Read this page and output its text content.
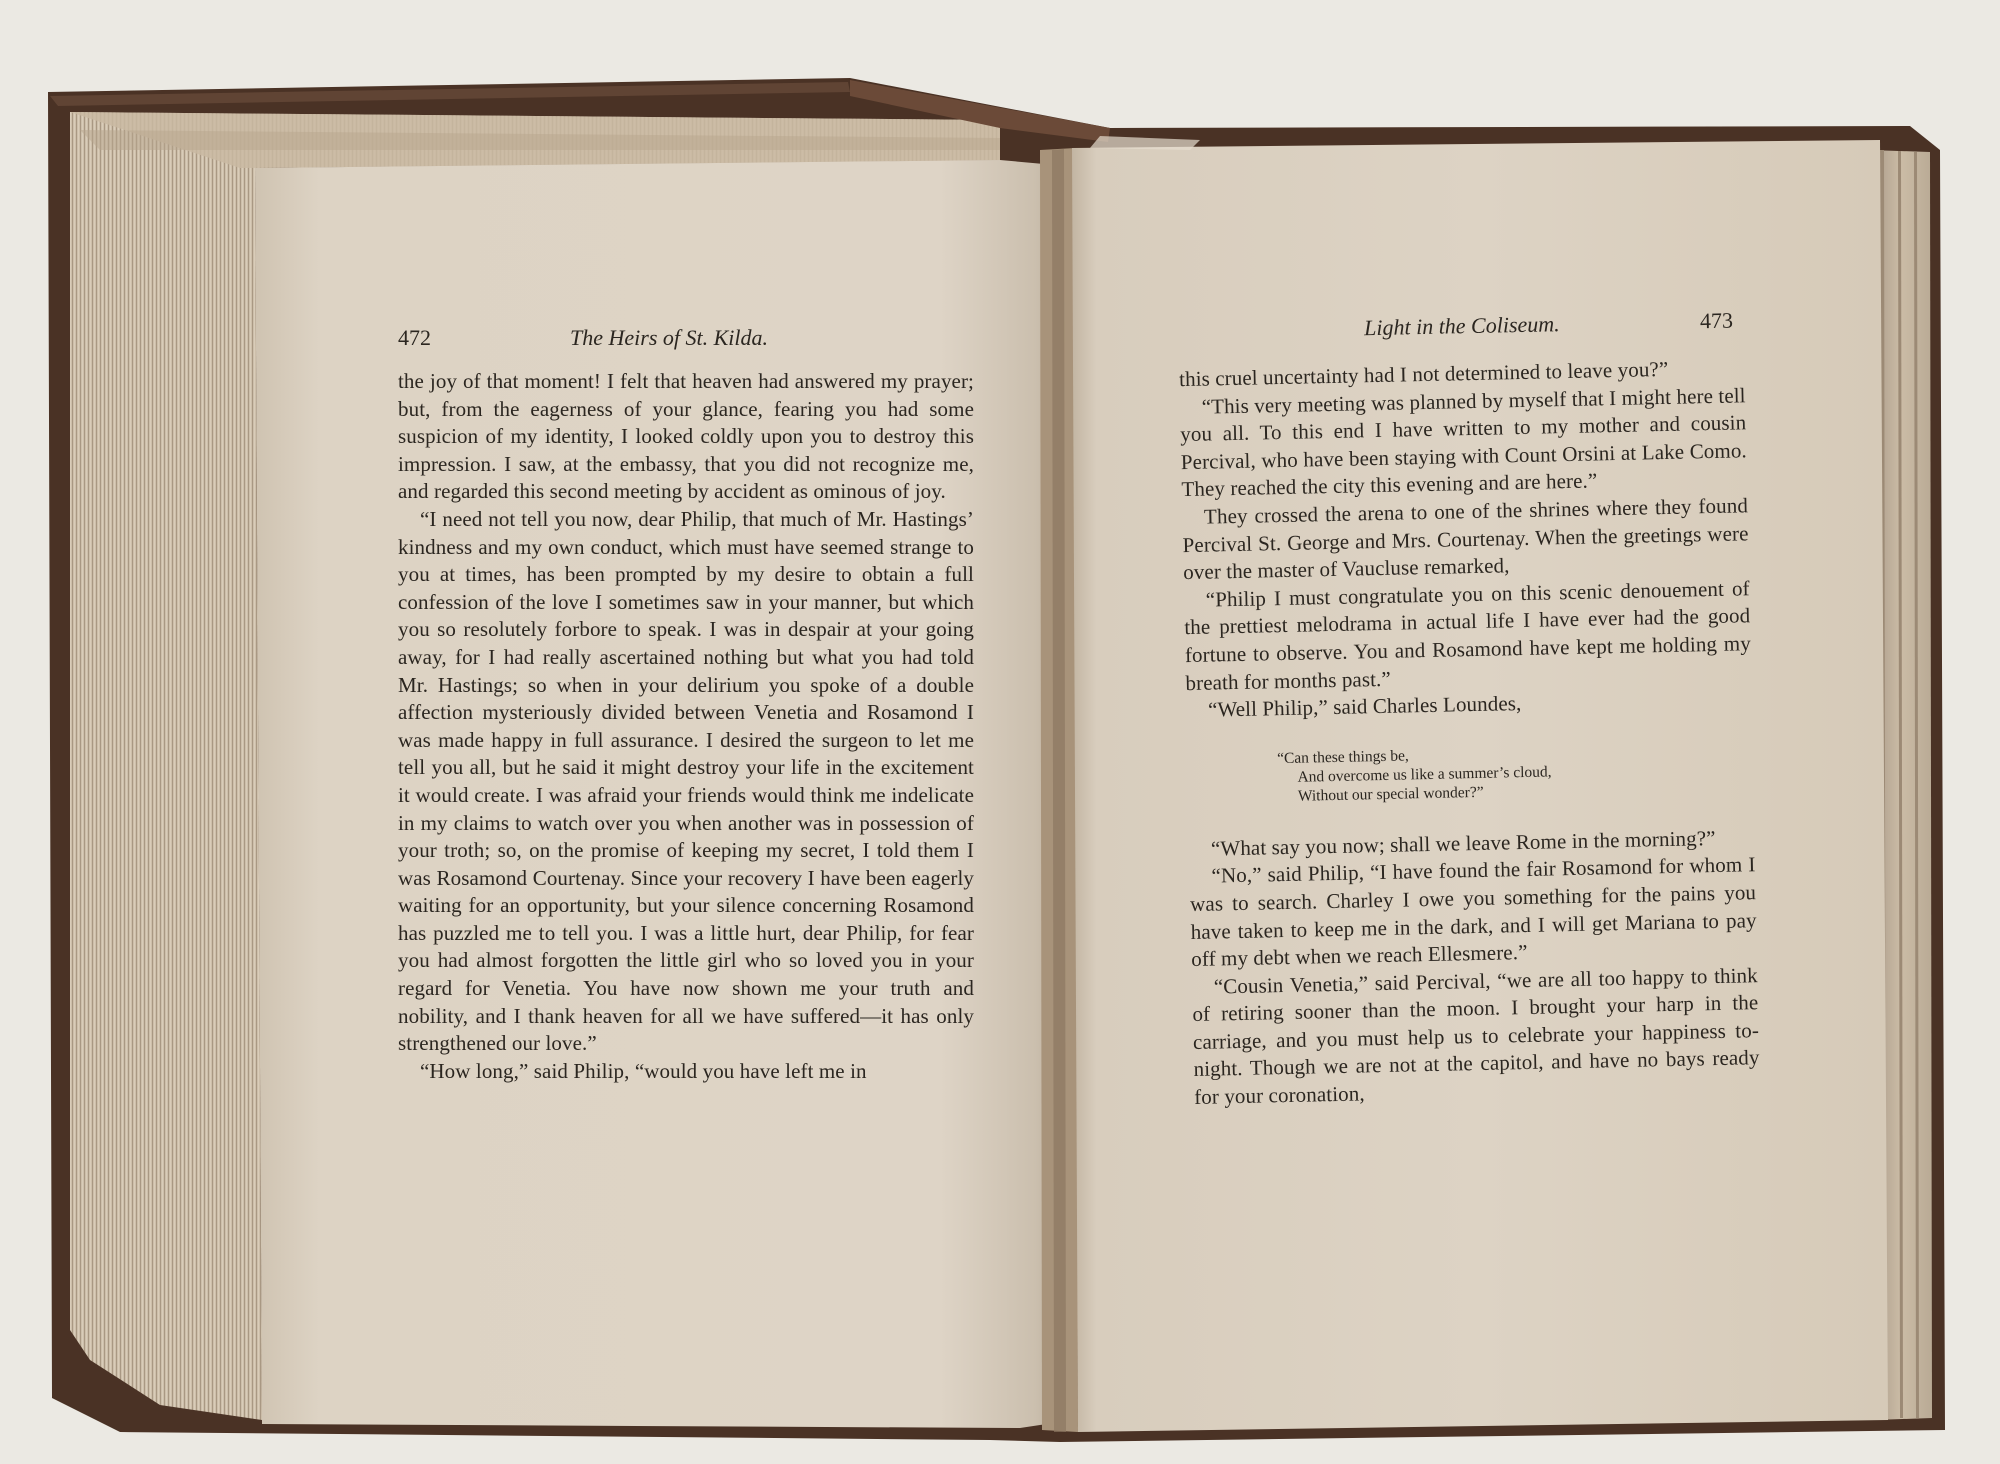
472	The Heirs of St. Kilda.

the joy of that moment! I felt that heaven had answered my prayer; but, from the eagerness of your glance, fearing you had some suspicion of my identity, I looked coldly upon you to destroy this impression. I saw, at the embassy, that you did not recognize me, and regarded this second meeting by accident as ominous of joy.

“I need not tell you now, dear Philip, that much of Mr. Hastings’ kindness and my own conduct, which must have seemed strange to you at times, has been prompted by my desire to obtain a full confession of the love I sometimes saw in your manner, but which you so resolutely forbore to speak. I was in despair at your going away, for I had really ascertained nothing but what you had told Mr. Hastings; so when in your delirium you spoke of a double affection mysteriously divided between Venetia and Rosamond I was made happy in full assurance. I desired the surgeon to let me tell you all, but he said it might destroy your life in the excitement it would create. I was afraid your friends would think me indelicate in my claims to watch over you when another was in possession of your troth; so, on the promise of keeping my secret, I told them I was Rosamond Courtenay. Since your recovery I have been eagerly waiting for an opportunity, but your silence concerning Rosamond has puzzled me to tell you. I was a little hurt, dear Philip, for fear you had almost forgotten the little girl who so loved you in your regard for Venetia. You have now shown me your truth and nobility, and I thank heaven for all we have suffered—it has only strengthened our love.”

“How long,” said Philip, “would you have left me in

Light in the Coliseum.	473

this cruel uncertainty had I not determined to leave you?”

“This very meeting was planned by myself that I might here tell you all. To this end I have written to my mother and cousin Percival, who have been staying with Count Orsini at Lake Como. They reached the city this evening and are here.”

They crossed the arena to one of the shrines where they found Percival St. George and Mrs. Courtenay. When the greetings were over the master of Vaucluse remarked,

“Philip I must congratulate you on this scenic denouement of the prettiest melodrama in actual life I have ever had the good fortune to observe. You and Rosamond have kept me holding my breath for months past.”

“Well Philip,” said Charles Loundes,

“Can these things be,
And overcome us like a summer’s cloud,
Without our special wonder?”

“What say you now; shall we leave Rome in the morning?”

“No,” said Philip, “I have found the fair Rosamond for whom I was to search. Charley I owe you something for the pains you have taken to keep me in the dark, and I will get Mariana to pay off my debt when we reach Ellesmere.”

“Cousin Venetia,” said Percival, “we are all too happy to think of retiring sooner than the moon. I brought your harp in the carriage, and you must help us to celebrate your happiness to-night. Though we are not at the capitol, and have no bays ready for your coronation,
